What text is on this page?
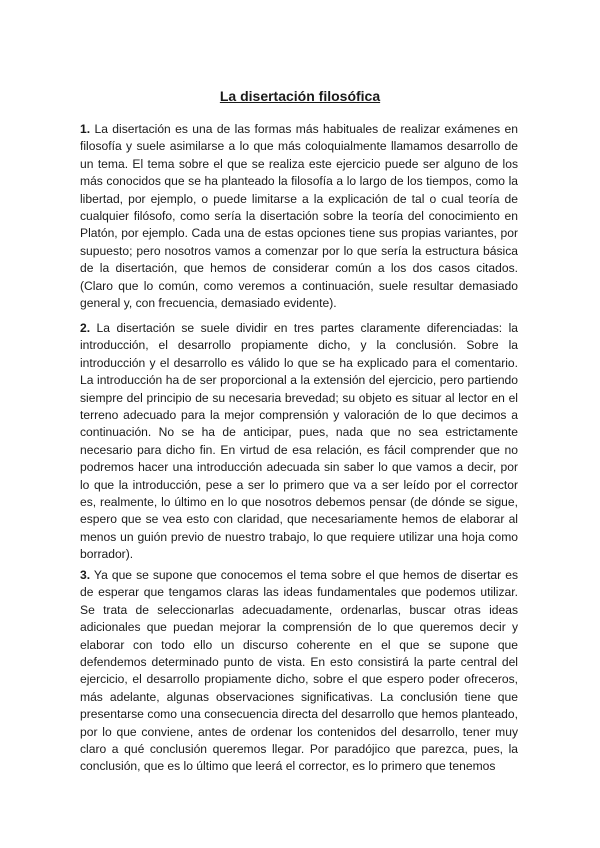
La disertación filosófica

1. La disertación es una de las formas más habituales de realizar exámenes en filosofía y suele asimilarse a lo que más coloquialmente llamamos desarrollo de un tema. El tema sobre el que se realiza este ejercicio puede ser alguno de los más conocidos que se ha planteado la filosofía a lo largo de los tiempos, como la libertad, por ejemplo, o puede limitarse a la explicación de tal o cual teoría de cualquier filósofo, como sería la disertación sobre la teoría del conocimiento en Platón, por ejemplo. Cada una de estas opciones tiene sus propias variantes, por supuesto; pero nosotros vamos a comenzar por lo que sería la estructura básica de la disertación, que hemos de considerar común a los dos casos citados. (Claro que lo común, como veremos a continuación, suele resultar demasiado general y, con frecuencia, demasiado evidente).

2. La disertación se suele dividir en tres partes claramente diferenciadas: la introducción, el desarrollo propiamente dicho, y la conclusión. Sobre la introducción y el desarrollo es válido lo que se ha explicado para el comentario. La introducción ha de ser proporcional a la extensión del ejercicio, pero partiendo siempre del principio de su necesaria brevedad; su objeto es situar al lector en el terreno adecuado para la mejor comprensión y valoración de lo que decimos a continuación. No se ha de anticipar, pues, nada que no sea estrictamente necesario para dicho fin. En virtud de esa relación, es fácil comprender que no podremos hacer una introducción adecuada sin saber lo que vamos a decir, por lo que la introducción, pese a ser lo primero que va a ser leído por el corrector es, realmente, lo último en lo que nosotros debemos pensar (de dónde se sigue, espero que se vea esto con claridad, que necesariamente hemos de elaborar al menos un guión previo de nuestro trabajo, lo que requiere utilizar una hoja como borrador).

3. Ya que se supone que conocemos el tema sobre el que hemos de disertar es de esperar que tengamos claras las ideas fundamentales que podemos utilizar. Se trata de seleccionarlas adecuadamente, ordenarlas, buscar otras ideas adicionales que puedan mejorar la comprensión de lo que queremos decir y elaborar con todo ello un discurso coherente en el que se supone que defendemos determinado punto de vista. En esto consistirá la parte central del ejercicio, el desarrollo propiamente dicho, sobre el que espero poder ofreceros, más adelante, algunas observaciones significativas. La conclusión tiene que presentarse como una consecuencia directa del desarrollo que hemos planteado, por lo que conviene, antes de ordenar los contenidos del desarrollo, tener muy claro a qué conclusión queremos llegar. Por paradójico que parezca, pues, la conclusión, que es lo último que leerá el corrector, es lo primero que tenemos
